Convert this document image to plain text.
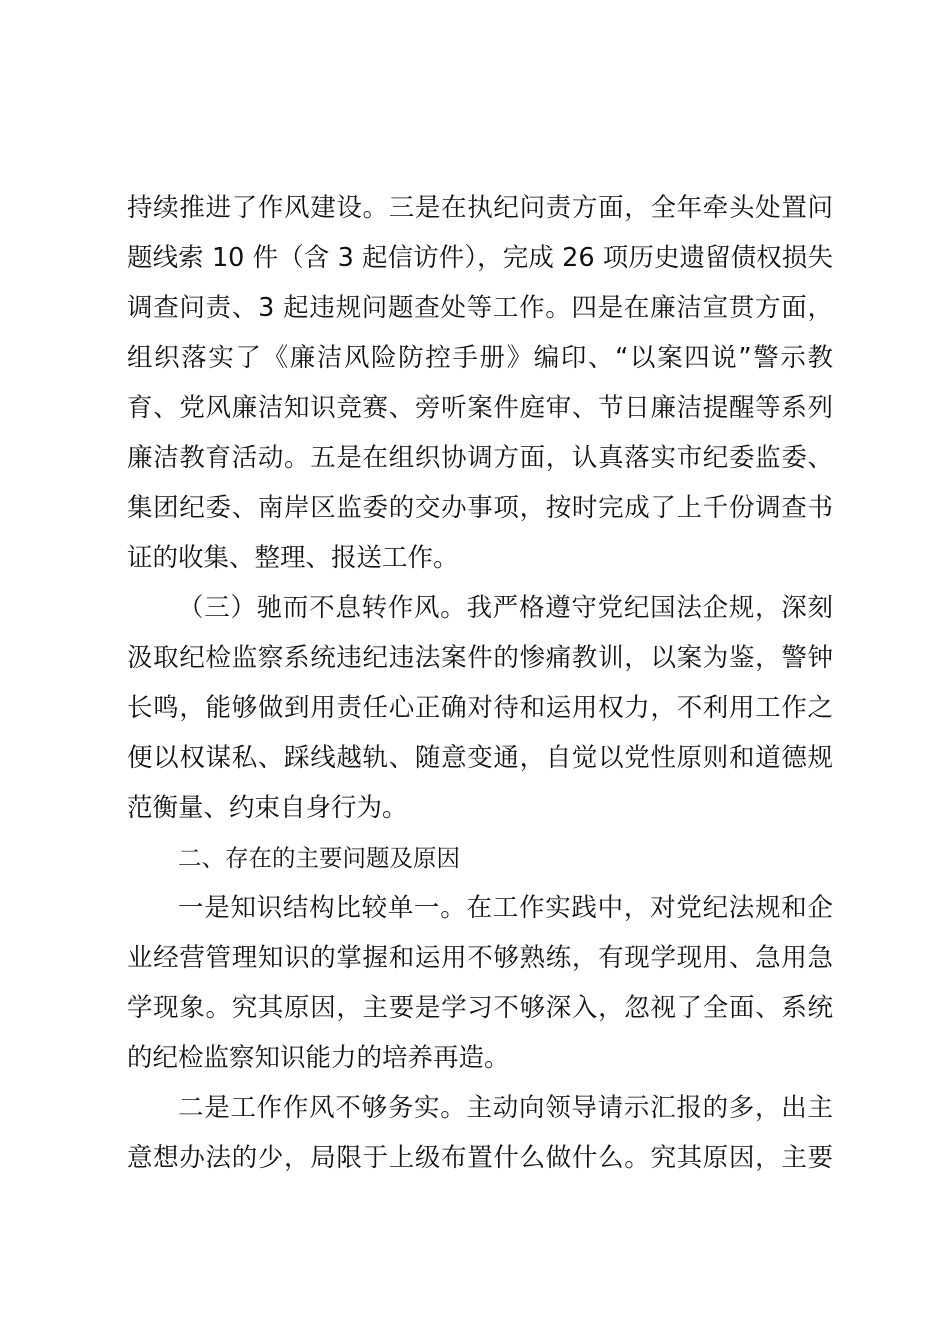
持续推进了作风建设。三是在执纪问责方面，全年牵头处置问
题线索 10 件（含 3 起信访件），完成 26 项历史遗留债权损失
调查问责、3 起违规问题查处等工作。四是在廉洁宣贯方面，
组织落实了《廉洁风险防控手册》编印、“以案四说”警示教
育、党风廉洁知识竞赛、旁听案件庭审、节日廉洁提醒等系列
廉洁教育活动。五是在组织协调方面，认真落实市纪委监委、
集团纪委、南岸区监委的交办事项，按时完成了上千份调查书
证的收集、整理、报送工作。
（三）驰而不息转作风。我严格遵守党纪国法企规，深刻
汲取纪检监察系统违纪违法案件的惨痛教训，以案为鉴，警钟
长鸣，能够做到用责任心正确对待和运用权力，不利用工作之
便以权谋私、踩线越轨、随意变通，自觉以党性原则和道德规
范衡量、约束自身行为。
二、存在的主要问题及原因
一是知识结构比较单一。在工作实践中，对党纪法规和企
业经营管理知识的掌握和运用不够熟练，有现学现用、急用急
学现象。究其原因，主要是学习不够深入，忽视了全面、系统
的纪检监察知识能力的培养再造。
二是工作作风不够务实。主动向领导请示汇报的多，出主
意想办法的少，局限于上级布置什么做什么。究其原因，主要
